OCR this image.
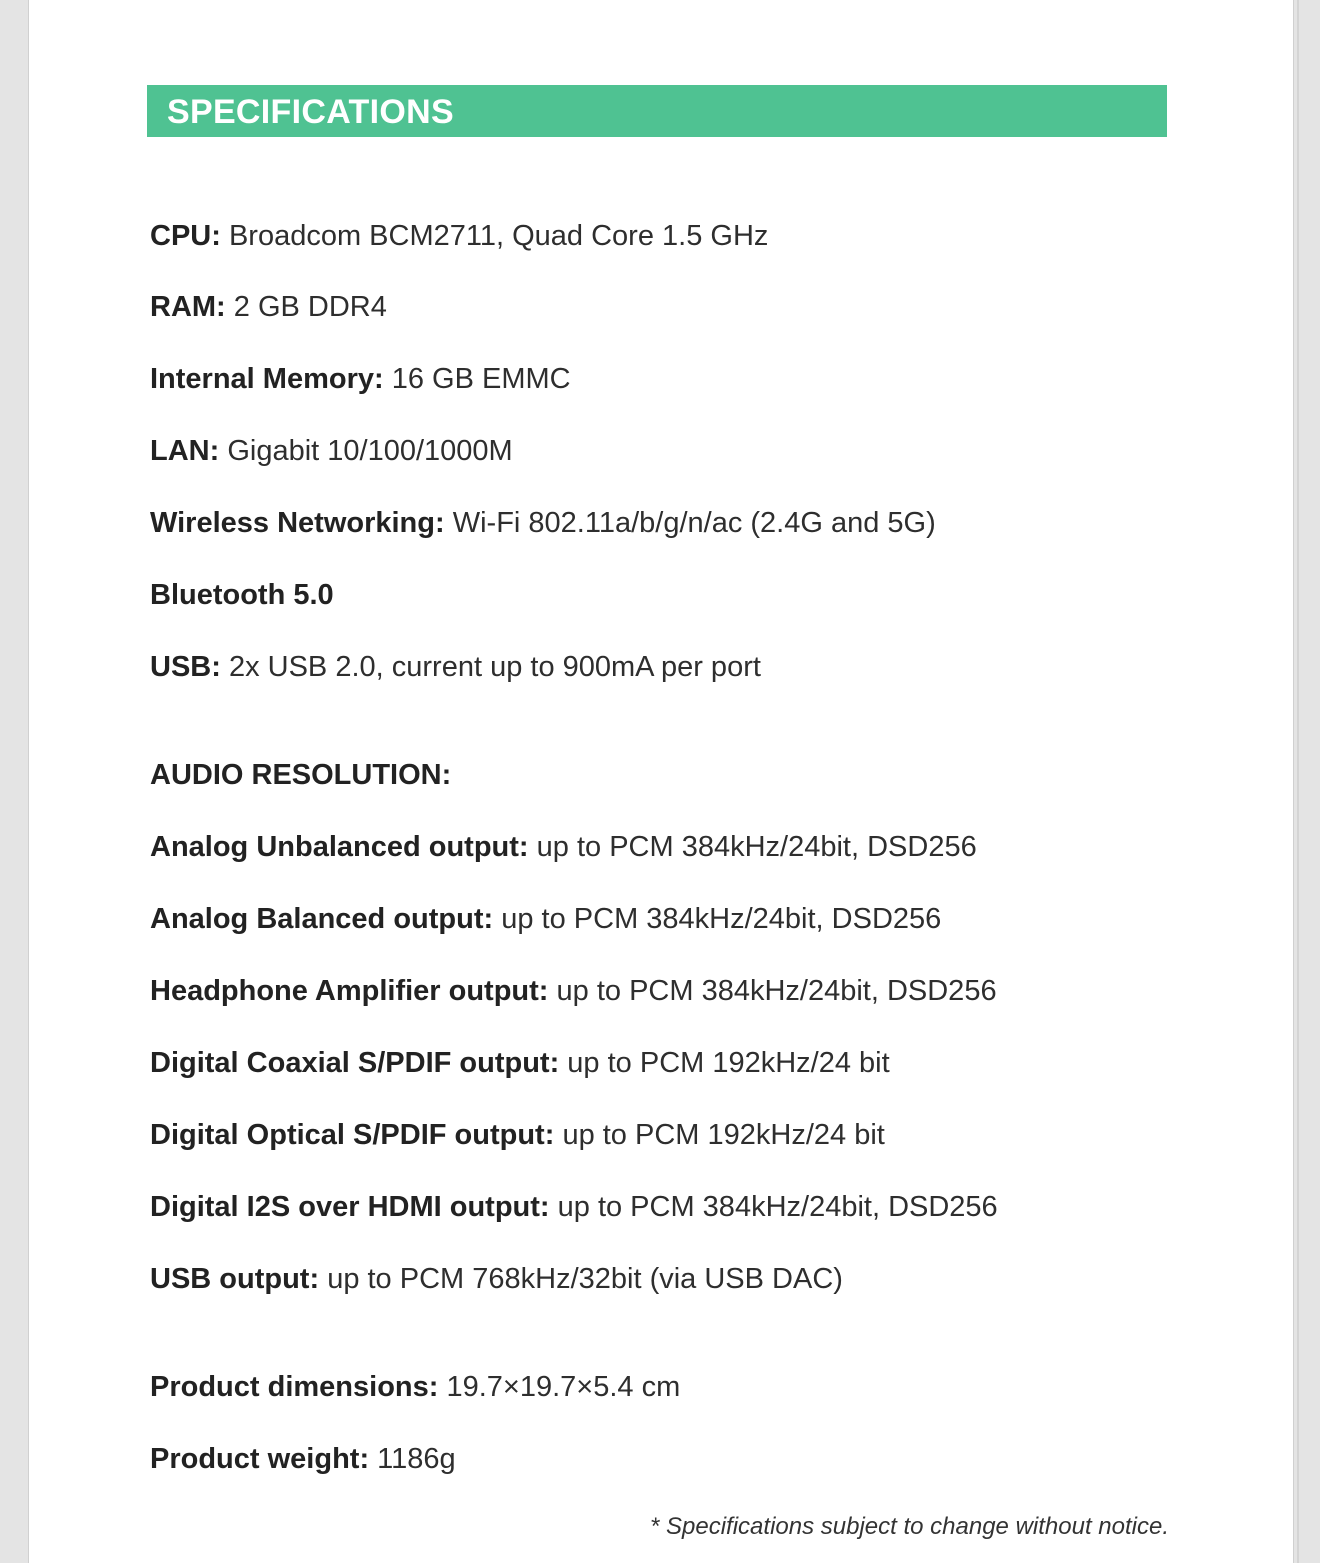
SPECIFICATIONS
CPU: Broadcom BCM2711, Quad Core 1.5 GHz
RAM: 2 GB DDR4
Internal Memory: 16 GB EMMC
LAN: Gigabit 10/100/1000M
Wireless Networking: Wi-Fi 802.11a/b/g/n/ac (2.4G and 5G)
Bluetooth 5.0
USB: 2x USB 2.0, current up to 900mA per port
AUDIO RESOLUTION:
Analog Unbalanced output: up to PCM 384kHz/24bit, DSD256
Analog Balanced output: up to PCM 384kHz/24bit, DSD256
Headphone Amplifier output: up to PCM 384kHz/24bit, DSD256
Digital Coaxial S/PDIF output: up to PCM 192kHz/24 bit
Digital Optical S/PDIF output: up to PCM 192kHz/24 bit
Digital I2S over HDMI output: up to PCM 384kHz/24bit, DSD256
USB output: up to PCM 768kHz/32bit (via USB DAC)
Product dimensions: 19.7×19.7×5.4 cm
Product weight: 1186g
* Specifications subject to change without notice.
